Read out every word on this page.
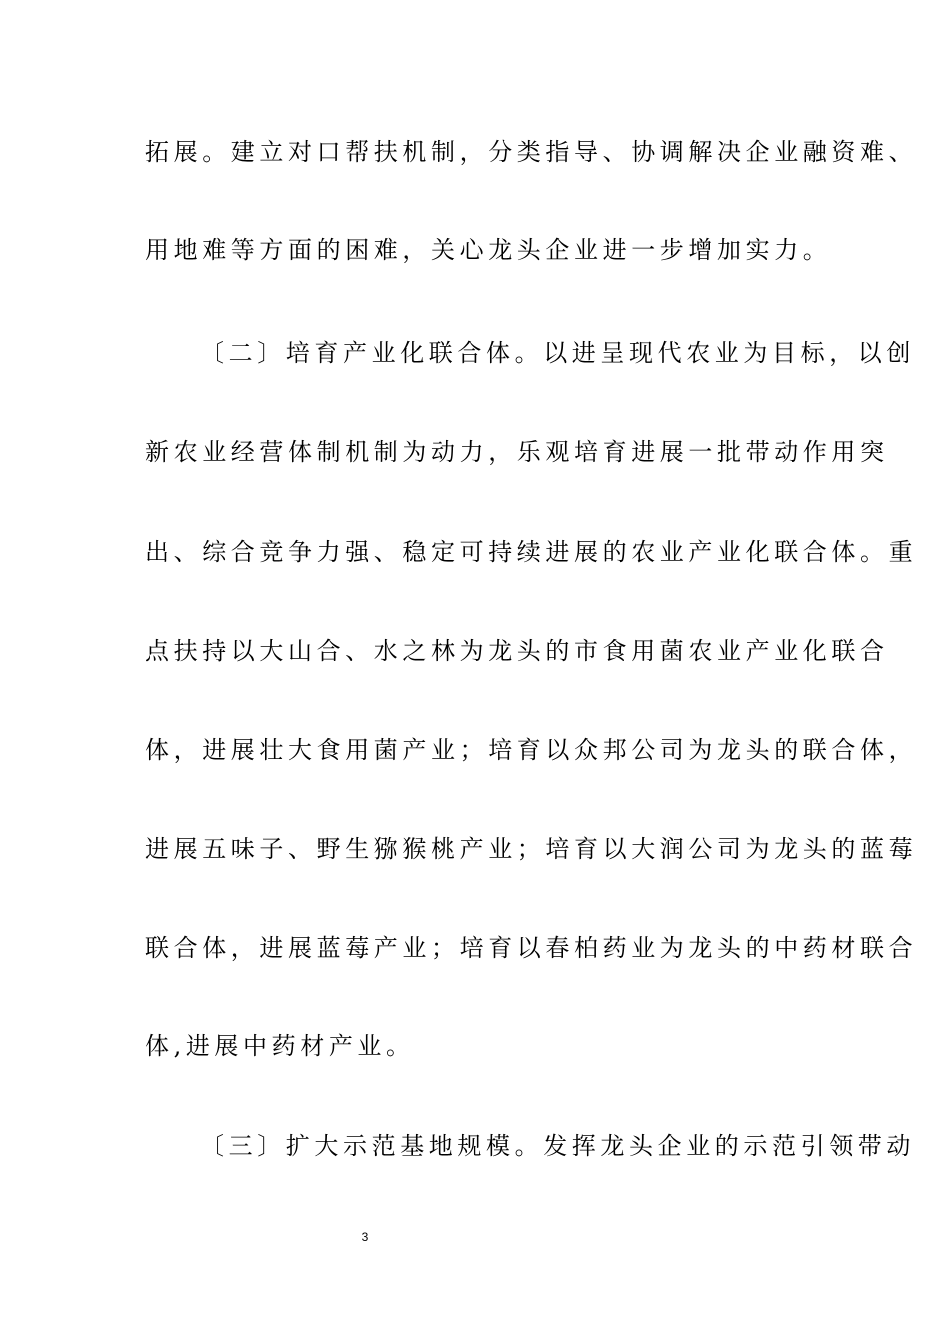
拓展。建立对口帮扶机制，分类指导、协调解决企业融资难、
用地难等方面的困难，关心龙头企业进一步增加实力。
〔二〕培育产业化联合体。以进呈现代农业为目标，以创
新农业经营体制机制为动力，乐观培育进展一批带动作用突
出、综合竞争力强、稳定可持续进展的农业产业化联合体。重
点扶持以大山合、水之林为龙头的市食用菌农业产业化联合
体，进展壮大食用菌产业；培育以众邦公司为龙头的联合体，
进展五味子、野生猕猴桃产业；培育以大润公司为龙头的蓝莓
联合体，进展蓝莓产业；培育以春柏药业为龙头的中药材联合
体,进展中药材产业。
〔三〕扩大示范基地规模。发挥龙头企业的示范引领带动
3
